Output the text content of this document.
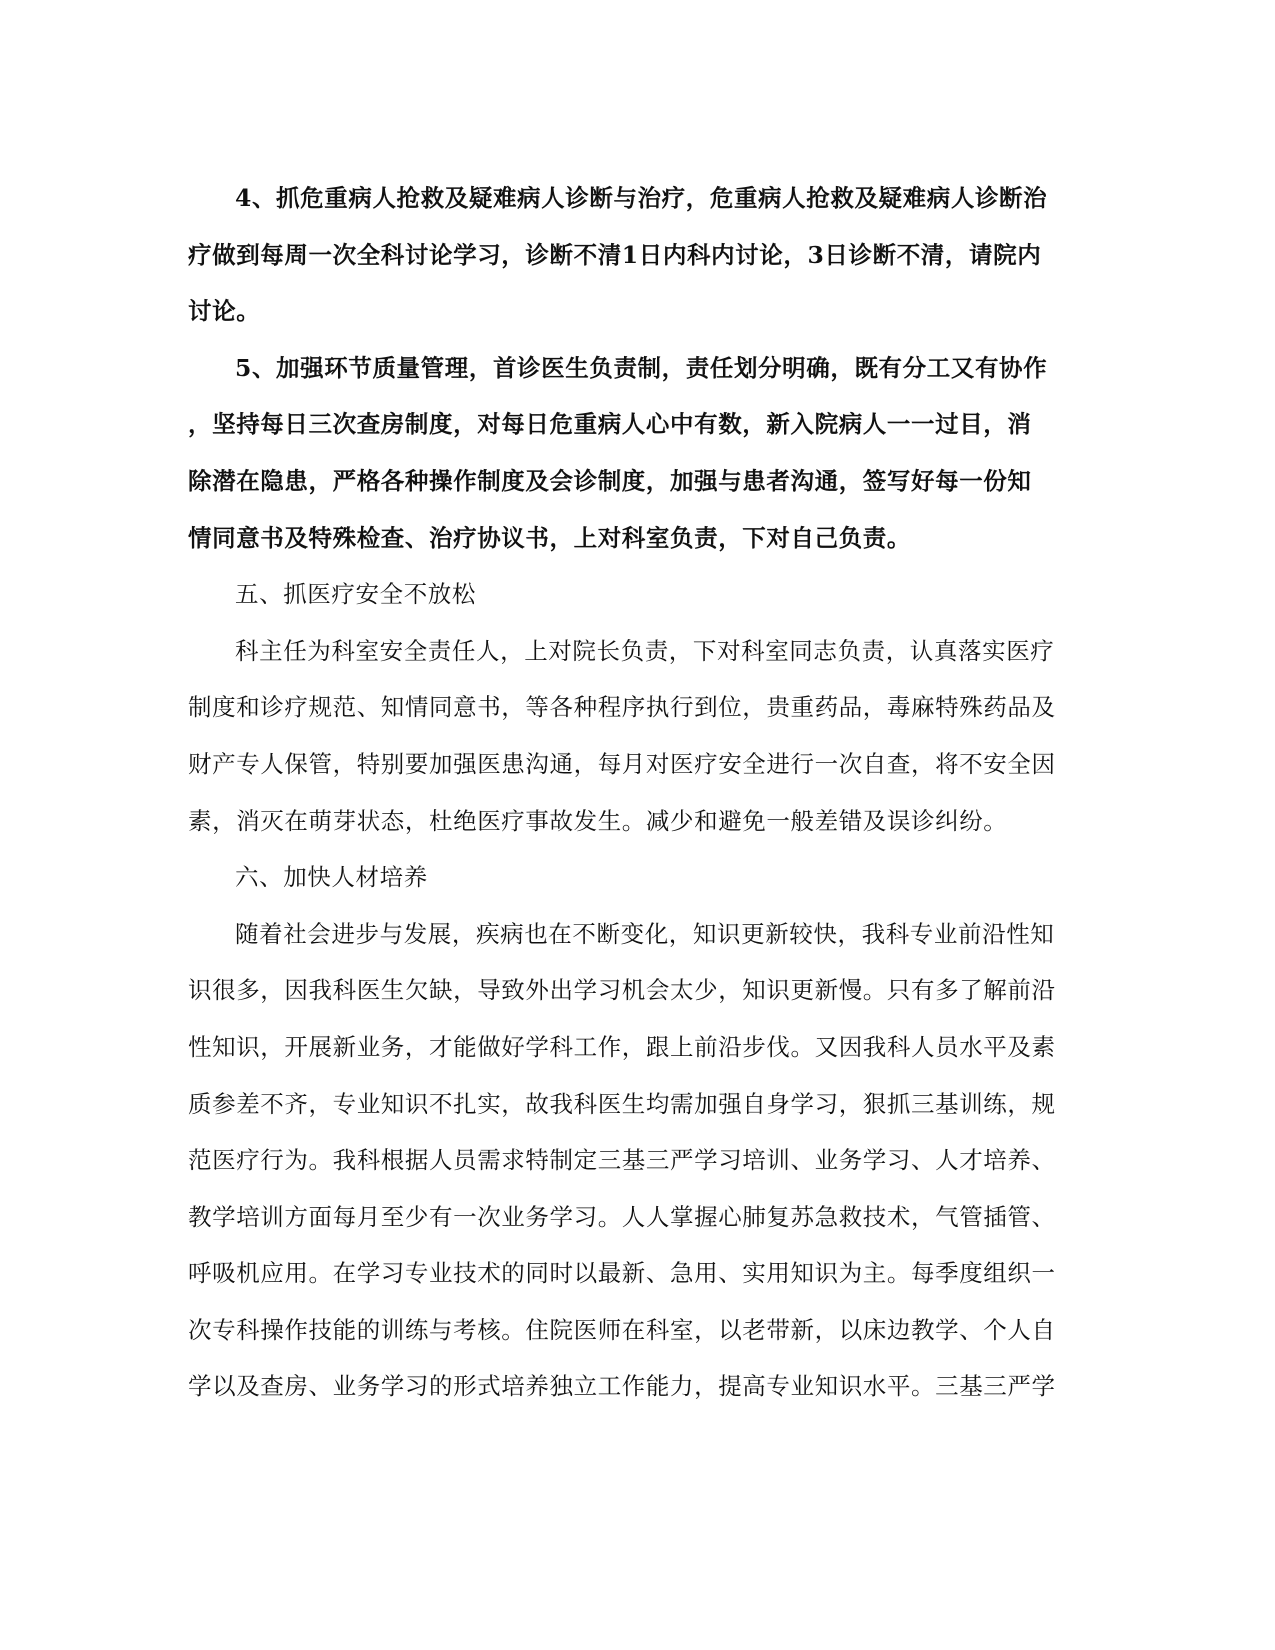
4、抓危重病人抢救及疑难病人诊断与治疗，危重病人抢救及疑难病人诊断治
疗做到每周一次全科讨论学习，诊断不清1日内科内讨论，3日诊断不清，请院内
讨论。

5、加强环节质量管理，首诊医生负责制，责任划分明确，既有分工又有协作
，坚持每日三次查房制度，对每日危重病人心中有数，新入院病人一一过目，消
除潜在隐患，严格各种操作制度及会诊制度，加强与患者沟通，签写好每一份知
情同意书及特殊检查、治疗协议书，上对科室负责，下对自己负责。

五、抓医疗安全不放松

科主任为科室安全责任人，上对院长负责，下对科室同志负责，认真落实医疗
制度和诊疗规范、知情同意书，等各种程序执行到位，贵重药品，毒麻特殊药品及
财产专人保管，特别要加强医患沟通，每月对医疗安全进行一次自查，将不安全因
素，消灭在萌芽状态，杜绝医疗事故发生。减少和避免一般差错及误诊纠纷。

六、加快人材培养

随着社会进步与发展，疾病也在不断变化，知识更新较快，我科专业前沿性知
识很多，因我科医生欠缺，导致外出学习机会太少，知识更新慢。只有多了解前沿
性知识，开展新业务，才能做好学科工作，跟上前沿步伐。又因我科人员水平及素
质参差不齐，专业知识不扎实，故我科医生均需加强自身学习，狠抓三基训练，规
范医疗行为。我科根据人员需求特制定三基三严学习培训、业务学习、人才培养、
教学培训方面每月至少有一次业务学习。人人掌握心肺复苏急救技术，气管插管、
呼吸机应用。在学习专业技术的同时以最新、急用、实用知识为主。每季度组织一
次专科操作技能的训练与考核。住院医师在科室，以老带新，以床边教学、个人自
学以及查房、业务学习的形式培养独立工作能力，提高专业知识水平。三基三严学
